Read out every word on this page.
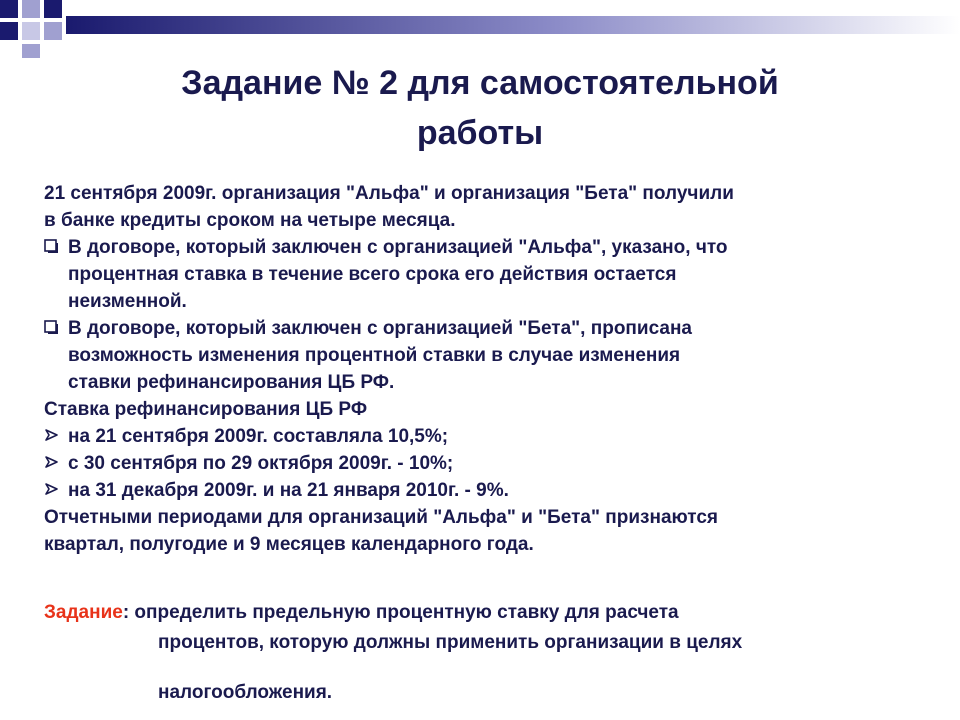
Задание № 2 для самостоятельной
работы
21 сентября 2009г. организация "Альфа" и организация "Бета" получили
в банке кредиты сроком на четыре месяца.
В договоре, который заключен с организацией "Альфа", указано, что
процентная ставка в течение всего срока его действия остается
неизменной.
В договоре, который заключен с организацией "Бета", прописана
возможность изменения процентной ставки в случае изменения
ставки рефинансирования ЦБ РФ.
Ставка рефинансирования ЦБ РФ
на 21 сентября 2009г. составляла 10,5%;
с 30 сентября по 29 октября 2009г. - 10%;
на 31 декабря 2009г. и на 21 января 2010г. - 9%.
Отчетными периодами для организаций "Альфа" и "Бета" признаются
квартал, полугодие и 9 месяцев календарного года.
Задание: определить предельную процентную ставку для расчета
процентов, которую должны применить организации в целях
налогообложения.
